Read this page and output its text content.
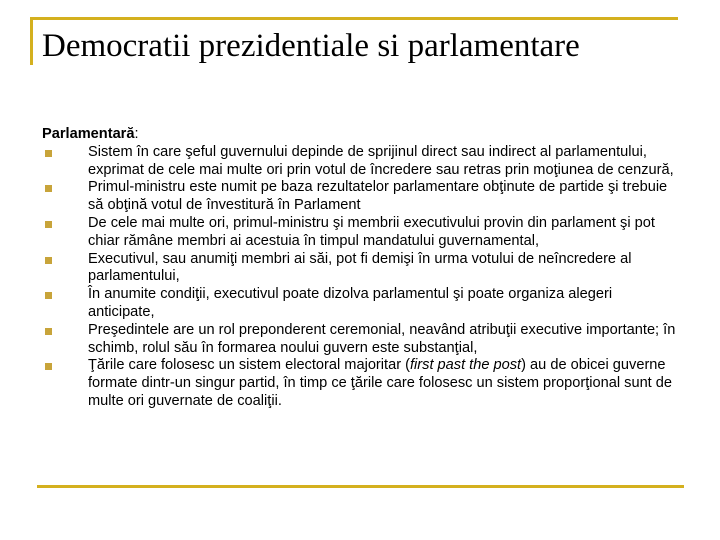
Democratii prezidentiale si parlamentare

Parlamentară:

Sistem în care şeful guvernului depinde de sprijinul direct sau indirect al parlamentului, exprimat de cele mai multe ori prin votul de încredere sau retras prin moţiunea de cenzură,
Primul-ministru este numit pe baza rezultatelor parlamentare obţinute de partide şi trebuie să obţină votul de învestitură în Parlament
De cele mai multe ori, primul-ministru şi membrii executivului provin din parlament şi pot chiar rămâne membri ai acestuia în timpul mandatului guvernamental,
Executivul, sau anumiţi membri ai săi, pot fi demişi în urma votului de neîncredere al parlamentului,
În anumite condiţii, executivul poate dizolva parlamentul şi poate organiza alegeri anticipate,
Preşedintele are un rol preponderent ceremonial, neavând atribuţii executive importante; în schimb, rolul său în formarea noului guvern este substanţial,
Ţările care folosesc un sistem electoral majoritar (first past the post) au de obicei guverne formate dintr-un singur partid, în timp ce ţările care folosesc un sistem proporţional sunt de multe ori guvernate de coaliţii.
